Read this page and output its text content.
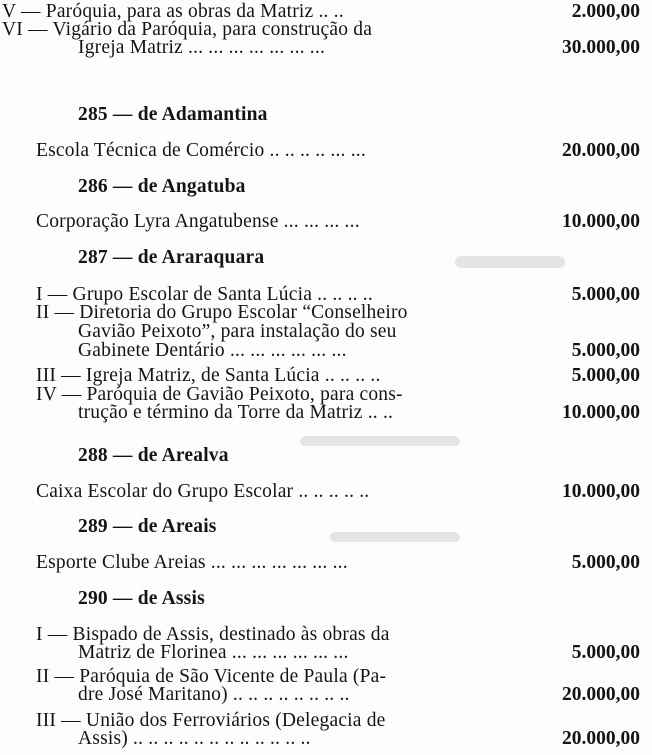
V — Paróquia, para as obras da Matriz .. ..	2.000,00
VI — Vigário da Paróquia, para construção da
Igreja Matriz ... ... ... ... ... ... ...	30.000,00
285 — de Adamantina
Escola Técnica de Comércio .. .. .. .. ... ...	20.000,00
286 — de Angatuba
Corporação Lyra Angatubense ... ... ... ...	10.000,00
287 — de Araraquara
I — Grupo Escolar de Santa Lúcia .. .. .. ..	5.000,00
II — Diretoria do Grupo Escolar “Conselheiro
Gavião Peixoto”, para instalação do seu
Gabinete Dentário ... ... ... ... ... ...	5.000,00
III — Igreja Matriz, de Santa Lúcia .. .. .. ..	5.000,00
IV — Paróquia de Gavião Peixoto, para cons-
trução e término da Torre da Matriz .. ..	10.000,00
288 — de Arealva
Caixa Escolar do Grupo Escolar .. .. .. .. ..	10.000,00
289 — de Areais
Esporte Clube Areias ... ... ... ... ... ... ...	5.000,00
290 — de Assis
I — Bispado de Assis, destinado às obras da
Matriz de Florinea ... ... ... ... ... ...	5.000,00
II — Paróquia de São Vicente de Paula (Pa-
dre José Maritano) .. .. .. .. .. .. .. ..	20.000,00
III — União dos Ferroviários (Delegacia de
Assis) .. .. .. .. .. .. .. .. .. .. .. ..	20.000,00
